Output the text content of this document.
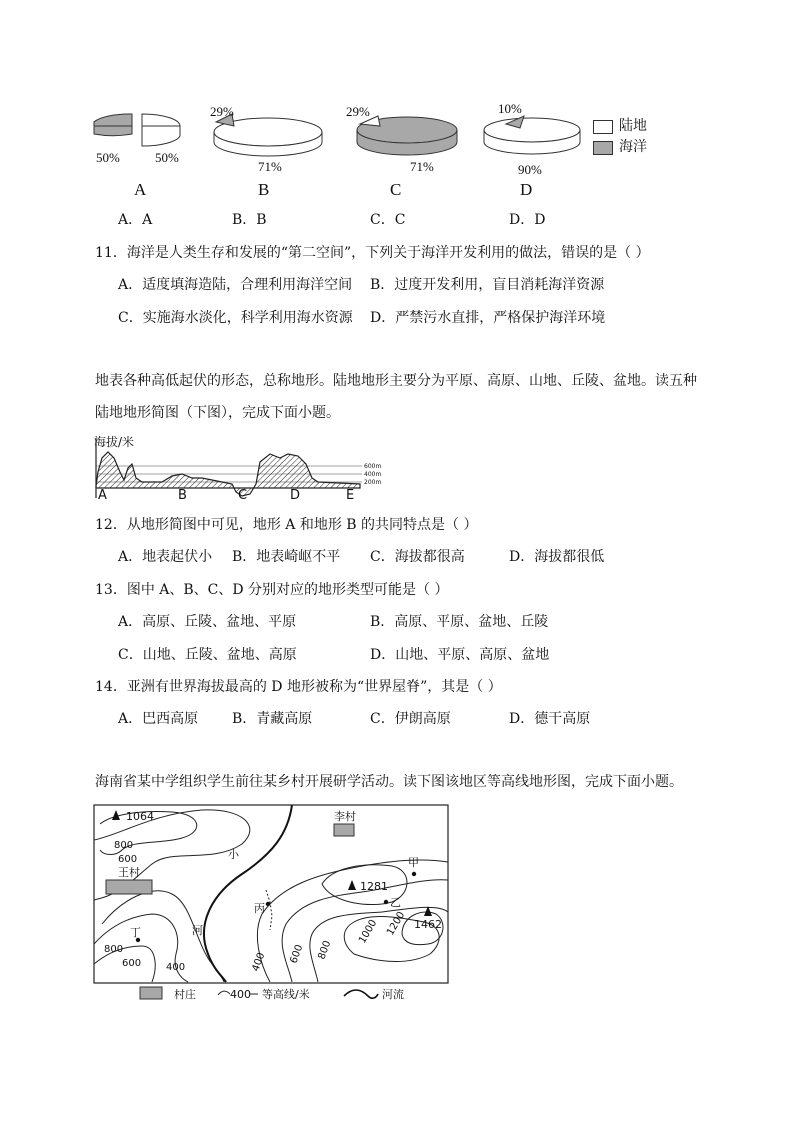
50%	50%
A
29%
71%
B
29%
71%
C
10%
90%
D
陆地
海洋
A．A	B．B	C．C	D．D
11．海洋是人类生存和发展的“第二空间”，下列关于海洋开发利用的做法，错误的是（ ）
A．适度填海造陆，合理利用海洋空间 B．过度开发利用，盲目消耗海洋资源
C．实施海水淡化，科学利用海水资源 D．严禁污水直排，严格保护海洋环境
地表各种高低起伏的形态，总称地形。陆地地形主要分为平原、高原、山地、丘陵、盆地。读五种
陆地地形简图（下图），完成下面小题。
海拔/米
600m
400m
200m
A	B	C	D	E
12．从地形简图中可见，地形 A 和地形 B 的共同特点是（ ）
A．地表起伏小 B．地表崎岖不平 C．海拔都很高	D．海拔都很低
13．图中 A、B、C、D 分别对应的地形类型可能是（ ）
A．高原、丘陵、盆地、平原	B．高原、平原、盆地、丘陵
C．山地、丘陵、盆地、高原	D．山地、平原、高原、盆地
14．亚洲有世界海拔最高的 D 地形被称为“世界屋脊”，其是（ ）
A．巴西高原 B．青藏高原	C．伊朗高原	D．德干高原
海南省某中学组织学生前往某乡村开展研学活动。读下图该地区等高线地形图，完成下面小题。
王村
李村
1064
1281
1462
甲
乙
丙
丁
小
河
800
600
800
600 400	400 600 800
1000 1200
村庄	400 等高线/米	河流
